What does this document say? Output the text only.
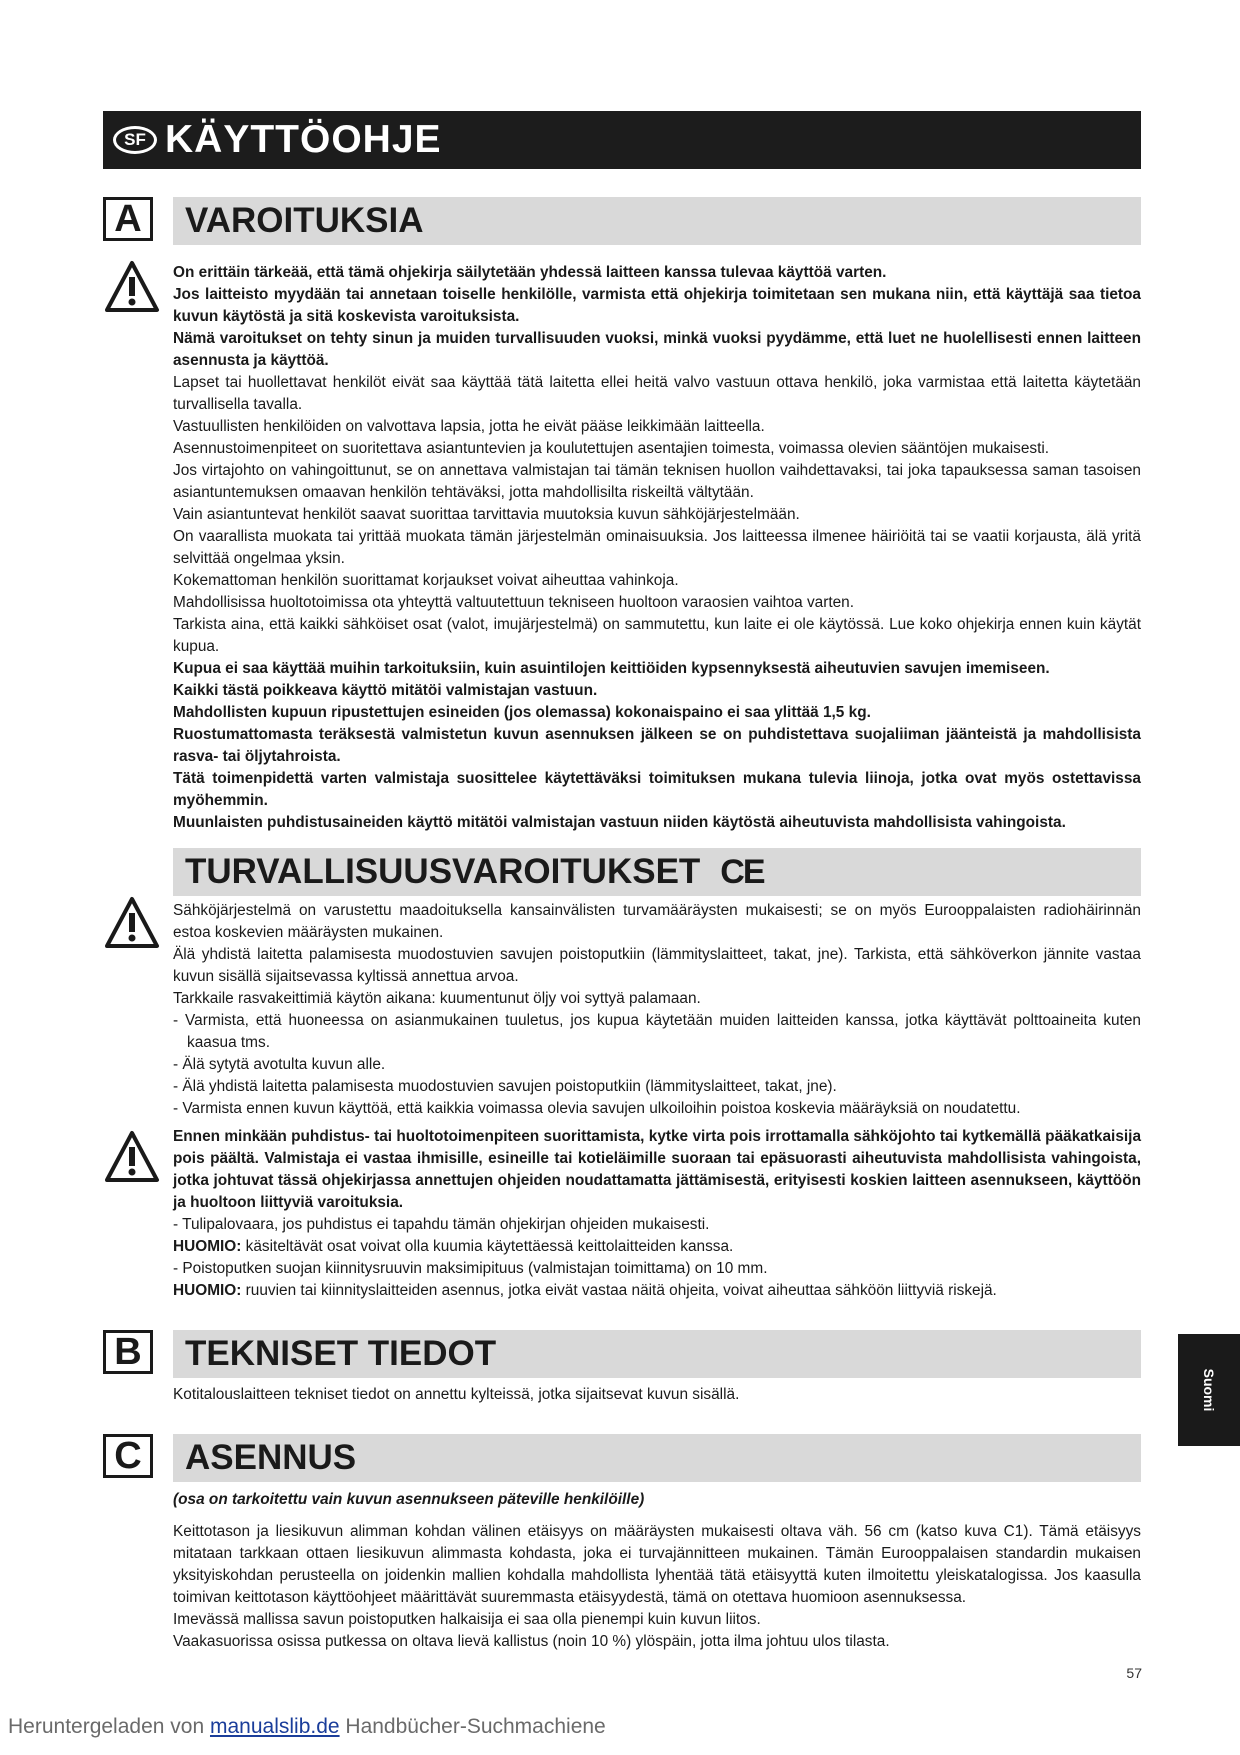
SF KÄYTTÖOHJE
A	VAROITUKSIA

On erittäin tärkeää, että tämä ohjekirja säilytetään yhdessä laitteen kanssa tulevaa käyttöä varten.

Jos laitteisto myydään tai annetaan toiselle henkilölle, varmista että ohjekirja toimitetaan sen mukana niin, että käyttäjä saa tietoa kuvun käytöstä ja sitä koskevista varoituksista.

Nämä varoitukset on tehty sinun ja muiden turvallisuuden vuoksi, minkä vuoksi pyydämme, että luet ne huolellisesti ennen laitteen asennusta ja käyttöä.

Lapset tai huollettavat henkilöt eivät saa käyttää tätä laitetta ellei heitä valvo vastuun ottava henkilö, joka varmistaa että laitetta käytetään turvallisella tavalla.

Vastuullisten henkilöiden on valvottava lapsia, jotta he eivät pääse leikkimään laitteella.

Asennustoimenpiteet on suoritettava asiantuntevien ja koulutettujen asentajien toimesta, voimassa olevien sääntöjen mukaisesti.

Jos virtajohto on vahingoittunut, se on annettava valmistajan tai tämän teknisen huollon vaihdettavaksi, tai joka tapauksessa saman tasoisen asiantuntemuksen omaavan henkilön tehtäväksi, jotta mahdollisilta riskeiltä vältytään.

Vain asiantuntevat henkilöt saavat suorittaa tarvittavia muutoksia kuvun sähköjärjestelmään.

On vaarallista muokata tai yrittää muokata tämän järjestelmän ominaisuuksia. Jos laitteessa ilmenee häiriöitä tai se vaatii korjausta, älä yritä selvittää ongelmaa yksin.

Kokemattoman henkilön suorittamat korjaukset voivat aiheuttaa vahinkoja.

Mahdollisissa huoltotoimissa ota yhteyttä valtuutettuun tekniseen huoltoon varaosien vaihtoa varten.

Tarkista aina, että kaikki sähköiset osat (valot, imujärjestelmä) on sammutettu, kun laite ei ole käytössä. Lue koko ohjekirja ennen kuin käytät kupua.

Kupua ei saa käyttää muihin tarkoituksiin, kuin asuintilojen keittiöiden kypsennyksestä aiheutuvien savujen imemiseen.

Kaikki tästä poikkeava käyttö mitätöi valmistajan vastuun.

Mahdollisten kupuun ripustettujen esineiden (jos olemassa) kokonaispaino ei saa ylittää 1,5 kg.

Ruostumattomasta teräksestä valmistetun kuvun asennuksen jälkeen se on puhdistettava suojaliiman jäänteistä ja mahdollisista rasva- tai öljytahroista.

Tätä toimenpidettä varten valmistaja suosittelee käytettäväksi toimituksen mukana tulevia liinoja, jotka ovat myös ostettavissa myöhemmin.

Muunlaisten puhdistusaineiden käyttö mitätöi valmistajan vastuun niiden käytöstä aiheutuvista mahdollisista vahingoista.

TURVALLISUUSVAROITUKSET CE

Sähköjärjestelmä on varustettu maadoituksella kansainvälisten turvamääräysten mukaisesti; se on myös Eurooppalaisten radiohäirinnän estoa koskevien määräysten mukainen.

Älä yhdistä laitetta palamisesta muodostuvien savujen poistoputkiin (lämmityslaitteet, takat, jne). Tarkista, että sähköverkon jännite vastaa kuvun sisällä sijaitsevassa kyltissä annettua arvoa.

Tarkkaile rasvakeittimiä käytön aikana: kuumentunut öljy voi syttyä palamaan.

- Varmista, että huoneessa on asianmukainen tuuletus, jos kupua käytetään muiden laitteiden kanssa, jotka käyttävät polttoaineita kuten kaasua tms.

- Älä sytytä avotulta kuvun alle.

- Älä yhdistä laitetta palamisesta muodostuvien savujen poistoputkiin (lämmityslaitteet, takat, jne).

- Varmista ennen kuvun käyttöä, että kaikkia voimassa olevia savujen ulkoiloihin poistoa koskevia määräyksiä on noudatettu.

Ennen minkään puhdistus- tai huoltotoimenpiteen suorittamista, kytke virta pois irrottamalla sähköjohto tai kytkemällä pääkatkaisija pois päältä. Valmistaja ei vastaa ihmisille, esineille tai kotieläimille suoraan tai epäsuorasti aiheutuvista mahdollisista vahingoista, jotka johtuvat tässä ohjekirjassa annettujen ohjeiden noudattamatta jättämisestä, erityisesti koskien laitteen asennukseen, käyttöön ja huoltoon liittyviä varoituksia.

- Tulipalovaara, jos puhdistus ei tapahdu tämän ohjekirjan ohjeiden mukaisesti.

HUOMIO: käsiteltävät osat voivat olla kuumia käytettäessä keittolaitteiden kanssa.

- Poistoputken suojan kiinnitysruuvin maksimipituus (valmistajan toimittama) on 10 mm.

HUOMIO: ruuvien tai kiinnityslaitteiden asennus, jotka eivät vastaa näitä ohjeita, voivat aiheuttaa sähköön liittyviä riskejä.

B	TEKNISET TIEDOT

Kotitalouslaitteen tekniset tiedot on annettu kylteissä, jotka sijaitsevat kuvun sisällä.	Suomi
C	ASENNUS

(osa on tarkoitettu vain kuvun asennukseen päteville henkilöille)

Keittotason ja liesikuvun alimman kohdan välinen etäisyys on määräysten mukaisesti oltava väh. 56 cm (katso kuva C1). Tämä etäisyys mitataan tarkkaan ottaen liesikuvun alimmasta kohdasta, joka ei turvajännitteen mukainen. Tämän Eurooppalaisen standardin mukaisen yksityiskohdan perusteella on joidenkin mallien kohdalla mahdollista lyhentää tätä etäisyyttä kuten ilmoitettu yleiskatalogissa. Jos kaasulla toimivan keittotason käyttöohjeet määrittävät suuremmasta etäisyydestä, tämä on otettava huomioon asennuksessa.

Imevässä mallissa savun poistoputken halkaisija ei saa olla pienempi kuin kuvun liitos.

Vaakasuorissa osissa putkessa on oltava lievä kallistus (noin 10 %) ylöspäin, jotta ilma johtuu ulos tilasta.

57
Heruntergeladen von manualslib.de Handbücher-Suchmachiene
